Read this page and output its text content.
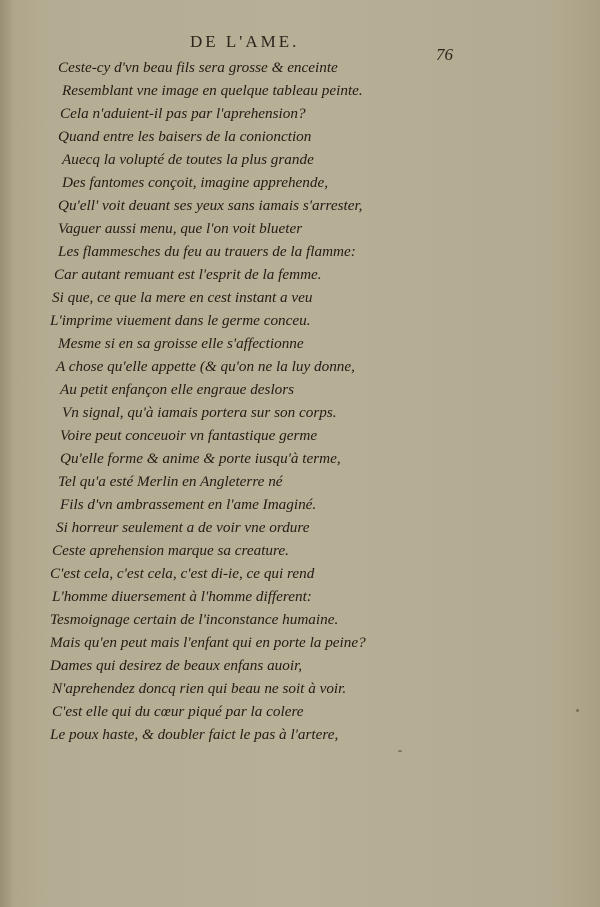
DE L'AME.
76
Ceste-cy d'vn beau fils sera grosse & enceinte
Resemblant vne image en quelque tableau peinte.
Cela n'aduient-il pas par l'aprehension?
Quand entre les baisers de la conionction
Auecq la volupté de toutes la plus grande
Des fantomes conçoit, imagine apprehende,
Qu'ell' voit deuant ses yeux sans iamais s'arrester,
Vaguer aussi menu, que l'on voit blueter
Les flammesches du feu au trauers de la flamme:
Car autant remuant est l'esprit de la femme.
Si que, ce que la mere en cest instant a veu
L'imprime viuement dans le germe conceu.
Mesme si en sa groisse elle s'affectionne
A chose qu'elle appette (& qu'on ne la luy donne,
Au petit enfançon elle engraue deslors
Vn signal, qu'à iamais portera sur son corps.
Voire peut conceuoir vn fantastique germe
Qu'elle forme & anime & porte iusqu'à terme,
Tel qu'a esté Merlin en Angleterre né
Fils d'vn ambrassement en l'ame Imaginé.
Si horreur seulement a de voir vne ordure
Ceste aprehension marque sa creature.
C'est cela, c'est cela, c'est di-ie, ce qui rend
L'homme diuersement à l'homme different:
Tesmoignage certain de l'inconstance humaine.
Mais qu'en peut mais l'enfant qui en porte la peine?
Dames qui desirez de beaux enfans auoir,
N'aprehendez doncq rien qui beau ne soit à voir.
C'est elle qui du cœur piqué par la colere
Le poux haste, & doubler faict le pas à l'artere,
